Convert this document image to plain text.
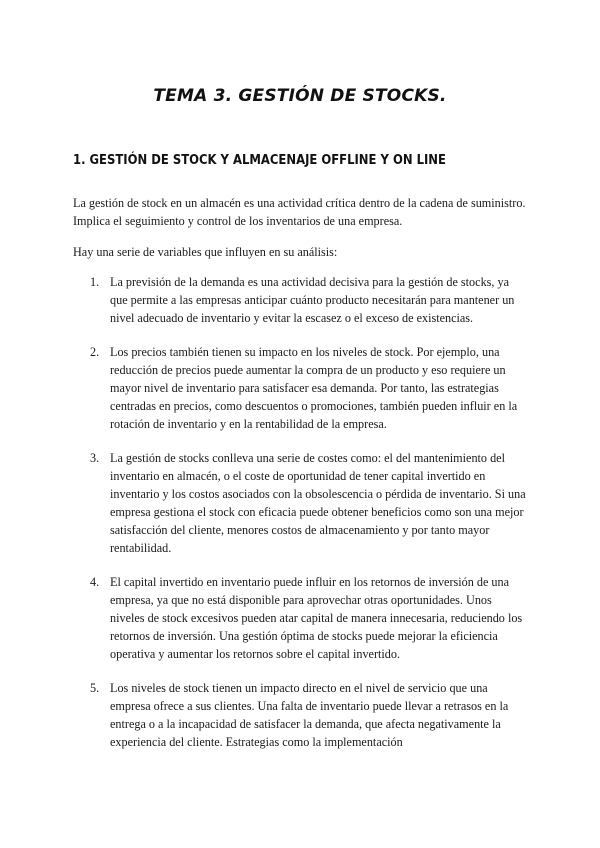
TEMA 3. GESTIÓN DE STOCKS.
1. GESTIÓN DE STOCK Y ALMACENAJE OFFLINE Y ON LINE

La gestión de stock en un almacén es una actividad crítica dentro de la cadena de suministro. Implica el seguimiento y control de los inventarios de una empresa.

Hay una serie de variables que influyen en su análisis:

1. La previsión de la demanda es una actividad decisiva para la gestión de stocks, ya que permite a las empresas anticipar cuánto producto necesitarán para mantener un nivel adecuado de inventario y evitar la escasez o el exceso de existencias.
2. Los precios también tienen su impacto en los niveles de stock. Por ejemplo, una reducción de precios puede aumentar la compra de un producto y eso requiere un mayor nivel de inventario para satisfacer esa demanda. Por tanto, las estrategias centradas en precios, como descuentos o promociones, también pueden influir en la rotación de inventario y en la rentabilidad de la empresa.
3. La gestión de stocks conlleva una serie de costes como: el del mantenimiento del inventario en almacén, o el coste de oportunidad de tener capital invertido en inventario y los costos asociados con la obsolescencia o pérdida de inventario. Si una empresa gestiona el stock con eficacia puede obtener beneficios como son una mejor satisfacción del cliente, menores costos de almacenamiento y por tanto mayor rentabilidad.
4. El capital invertido en inventario puede influir en los retornos de inversión de una empresa, ya que no está disponible para aprovechar otras oportunidades. Unos niveles de stock excesivos pueden atar capital de manera innecesaria, reduciendo los retornos de inversión. Una gestión óptima de stocks puede mejorar la eficiencia operativa y aumentar los retornos sobre el capital invertido.
5. Los niveles de stock tienen un impacto directo en el nivel de servicio que una empresa ofrece a sus clientes. Una falta de inventario puede llevar a retrasos en la entrega o a la incapacidad de satisfacer la demanda, que afecta negativamente la experiencia del cliente. Estrategias como la implementación
